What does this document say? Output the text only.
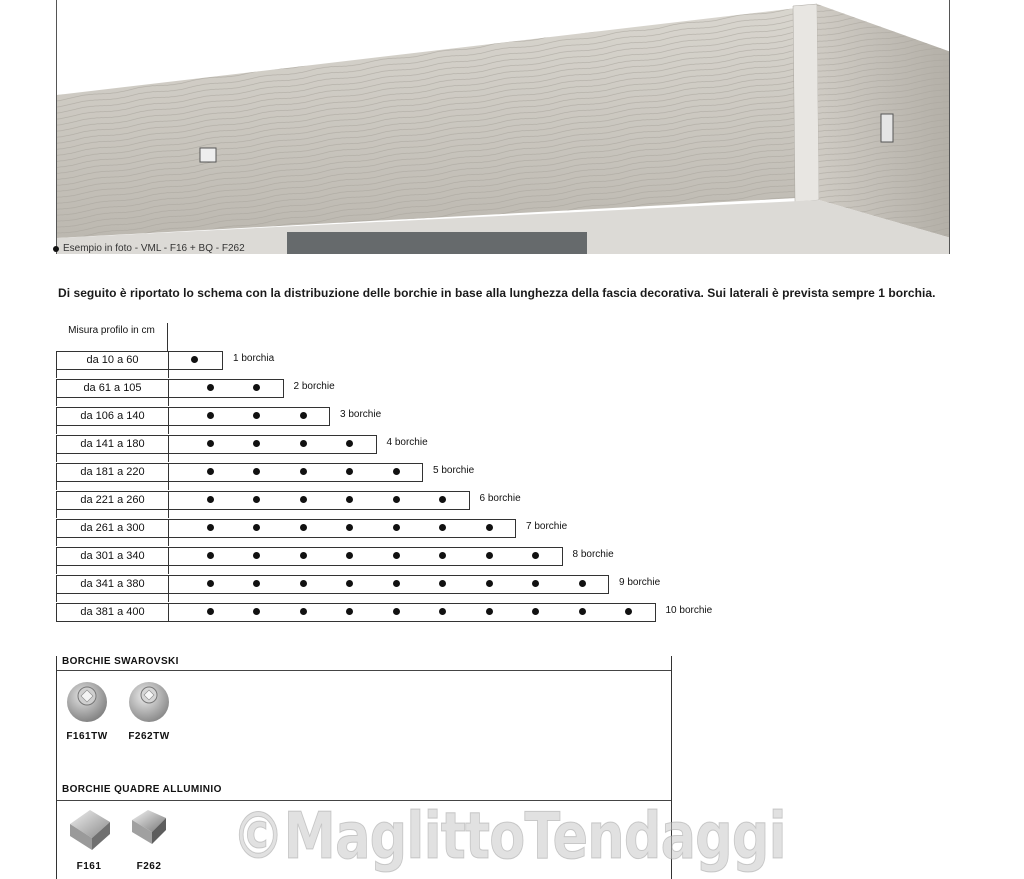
Esempio in foto - VML - F16 + BQ - F262
Di seguito è riportato lo schema con la distribuzione delle borchie in base alla lunghezza della fascia decorativa. Sui laterali è prevista sempre 1 borchia.
Misura profilo in cm
da 10 a 60	1 borchia
da 61 a 105	2 borchie
da 106 a 140	3 borchie
da 141 a 180	4 borchie
da 181 a 220	5 borchie
da 221 a 260	6 borchie
da 261 a 300	7 borchie
da 301 a 340	8 borchie
da 341 a 380	9 borchie
da 381 a 400	10 borchie
BORCHIE SWAROVSKI
F161TW	F262TW
BORCHIE QUADRE ALLUMINIO
F161	F262 ©MaglittoTendaggi
